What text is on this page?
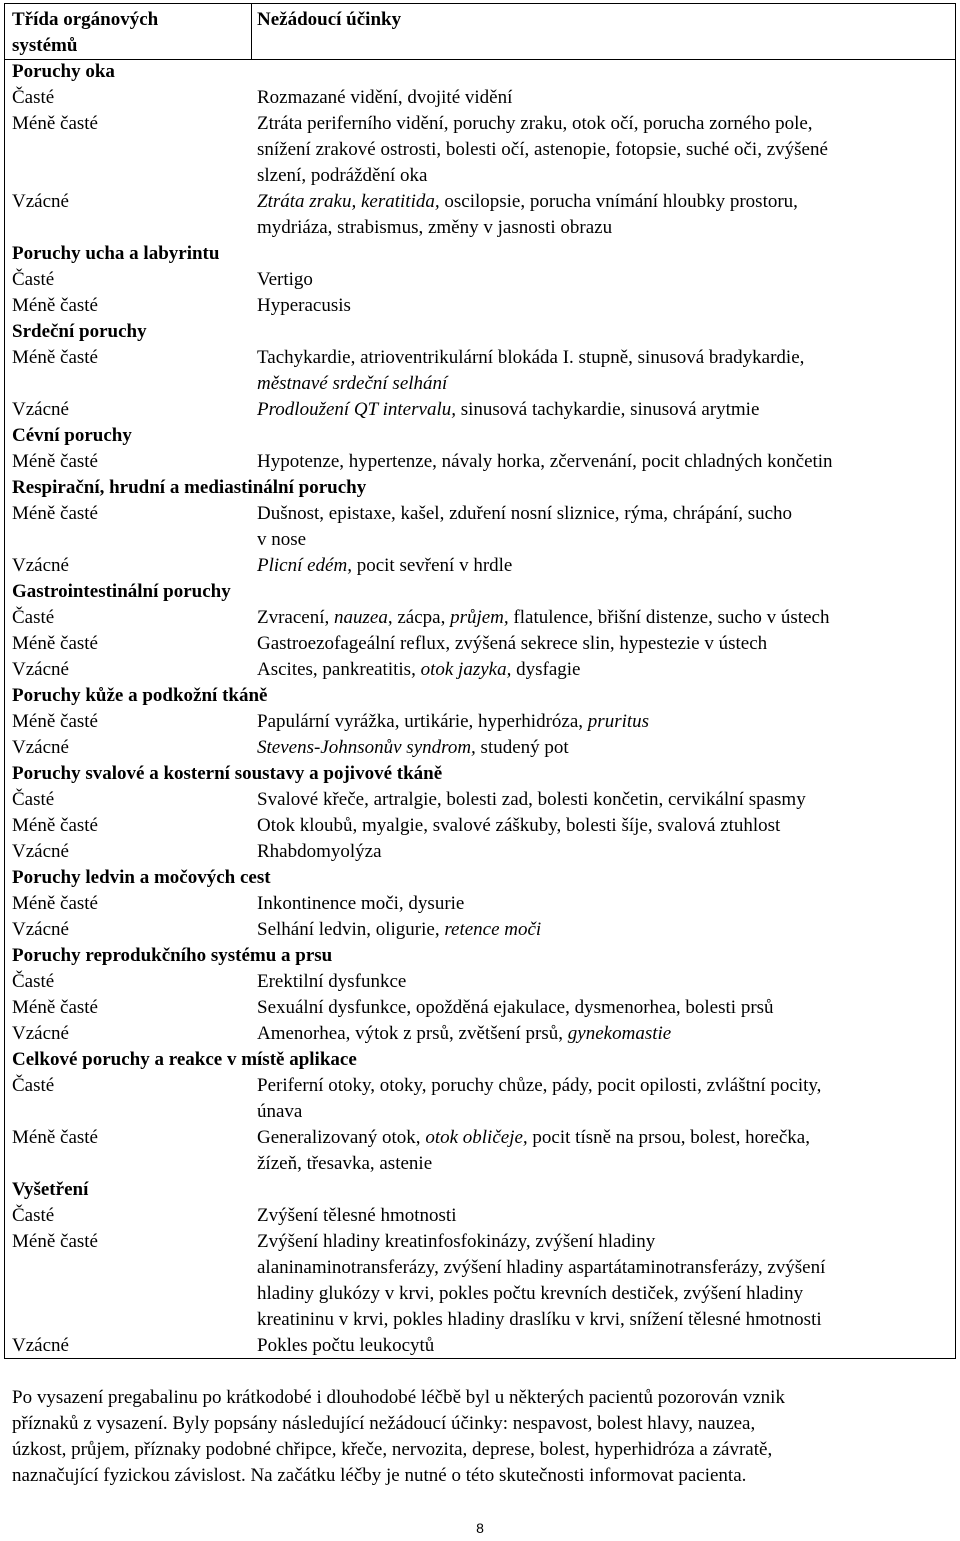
Třída orgánových	Nežádoucí účinky
systémů
Poruchy oka
Časté	Rozmazané vidění, dvojité vidění
Méně časté	Ztráta periferního vidění, poruchy zraku, otok očí, porucha zorného pole,
snížení zrakové ostrosti, bolesti očí, astenopie, fotopsie, suché oči, zvýšené
slzení, podráždění oka
Vzácné	Ztráta zraku, keratitida, oscilopsie, porucha vnímání hloubky prostoru,
mydriáza, strabismus, změny v jasnosti obrazu
Poruchy ucha a labyrintu
Časté	Vertigo
Méně časté	Hyperacusis
Srdeční poruchy
Méně časté	Tachykardie, atrioventrikulární blokáda I. stupně, sinusová bradykardie,
městnavé srdeční selhání
Vzácné	Prodloužení QT intervalu, sinusová tachykardie, sinusová arytmie
Cévní poruchy
Méně časté	Hypotenze, hypertenze, návaly horka, zčervenání, pocit chladných končetin
Respirační, hrudní a mediastinální poruchy
Méně časté	Dušnost, epistaxe, kašel, zduření nosní sliznice, rýma, chrápání, sucho
v nose
Vzácné	Plicní edém, pocit sevření v hrdle
Gastrointestinální poruchy
Časté	Zvracení, nauzea, zácpa, průjem, flatulence, břišní distenze, sucho v ústech
Méně časté	Gastroezofageální reflux, zvýšená sekrece slin, hypestezie v ústech
Vzácné	Ascites, pankreatitis, otok jazyka, dysfagie
Poruchy kůže a podkožní tkáně
Méně časté	Papulární vyrážka, urtikárie, hyperhidróza, pruritus
Vzácné	Stevens-Johnsonův syndrom, studený pot
Poruchy svalové a kosterní soustavy a pojivové tkáně
Časté	Svalové křeče, artralgie, bolesti zad, bolesti končetin, cervikální spasmy
Méně časté	Otok kloubů, myalgie, svalové záškuby, bolesti šíje, svalová ztuhlost
Vzácné	Rhabdomyolýza
Poruchy ledvin a močových cest
Méně časté	Inkontinence moči, dysurie
Vzácné	Selhání ledvin, oligurie, retence moči
Poruchy reprodukčního systému a prsu
Časté	Erektilní dysfunkce
Méně časté	Sexuální dysfunkce, opožděná ejakulace, dysmenorhea, bolesti prsů
Vzácné	Amenorhea, výtok z prsů, zvětšení prsů, gynekomastie
Celkové poruchy a reakce v místě aplikace
Časté	Periferní otoky, otoky, poruchy chůze, pády, pocit opilosti, zvláštní pocity,
únava
Méně časté	Generalizovaný otok, otok obličeje, pocit tísně na prsou, bolest, horečka,
žízeň, třesavka, astenie
Vyšetření
Časté	Zvýšení tělesné hmotnosti
Méně časté	Zvýšení hladiny kreatinfosfokinázy, zvýšení hladiny
alaninaminotransferázy, zvýšení hladiny aspartátaminotransferázy, zvýšení
hladiny glukózy v krvi, pokles počtu krevních destiček, zvýšení hladiny
kreatininu v krvi, pokles hladiny draslíku v krvi, snížení tělesné hmotnosti
Vzácné	Pokles počtu leukocytů
Po vysazení pregabalinu po krátkodobé i dlouhodobé léčbě byl u některých pacientů pozorován vznik
příznaků z vysazení. Byly popsány následující nežádoucí účinky: nespavost, bolest hlavy, nauzea,
úzkost, průjem, příznaky podobné chřipce, křeče, nervozita, deprese, bolest, hyperhidróza a závratě,
naznačující fyzickou závislost. Na začátku léčby je nutné o této skutečnosti informovat pacienta.
8
